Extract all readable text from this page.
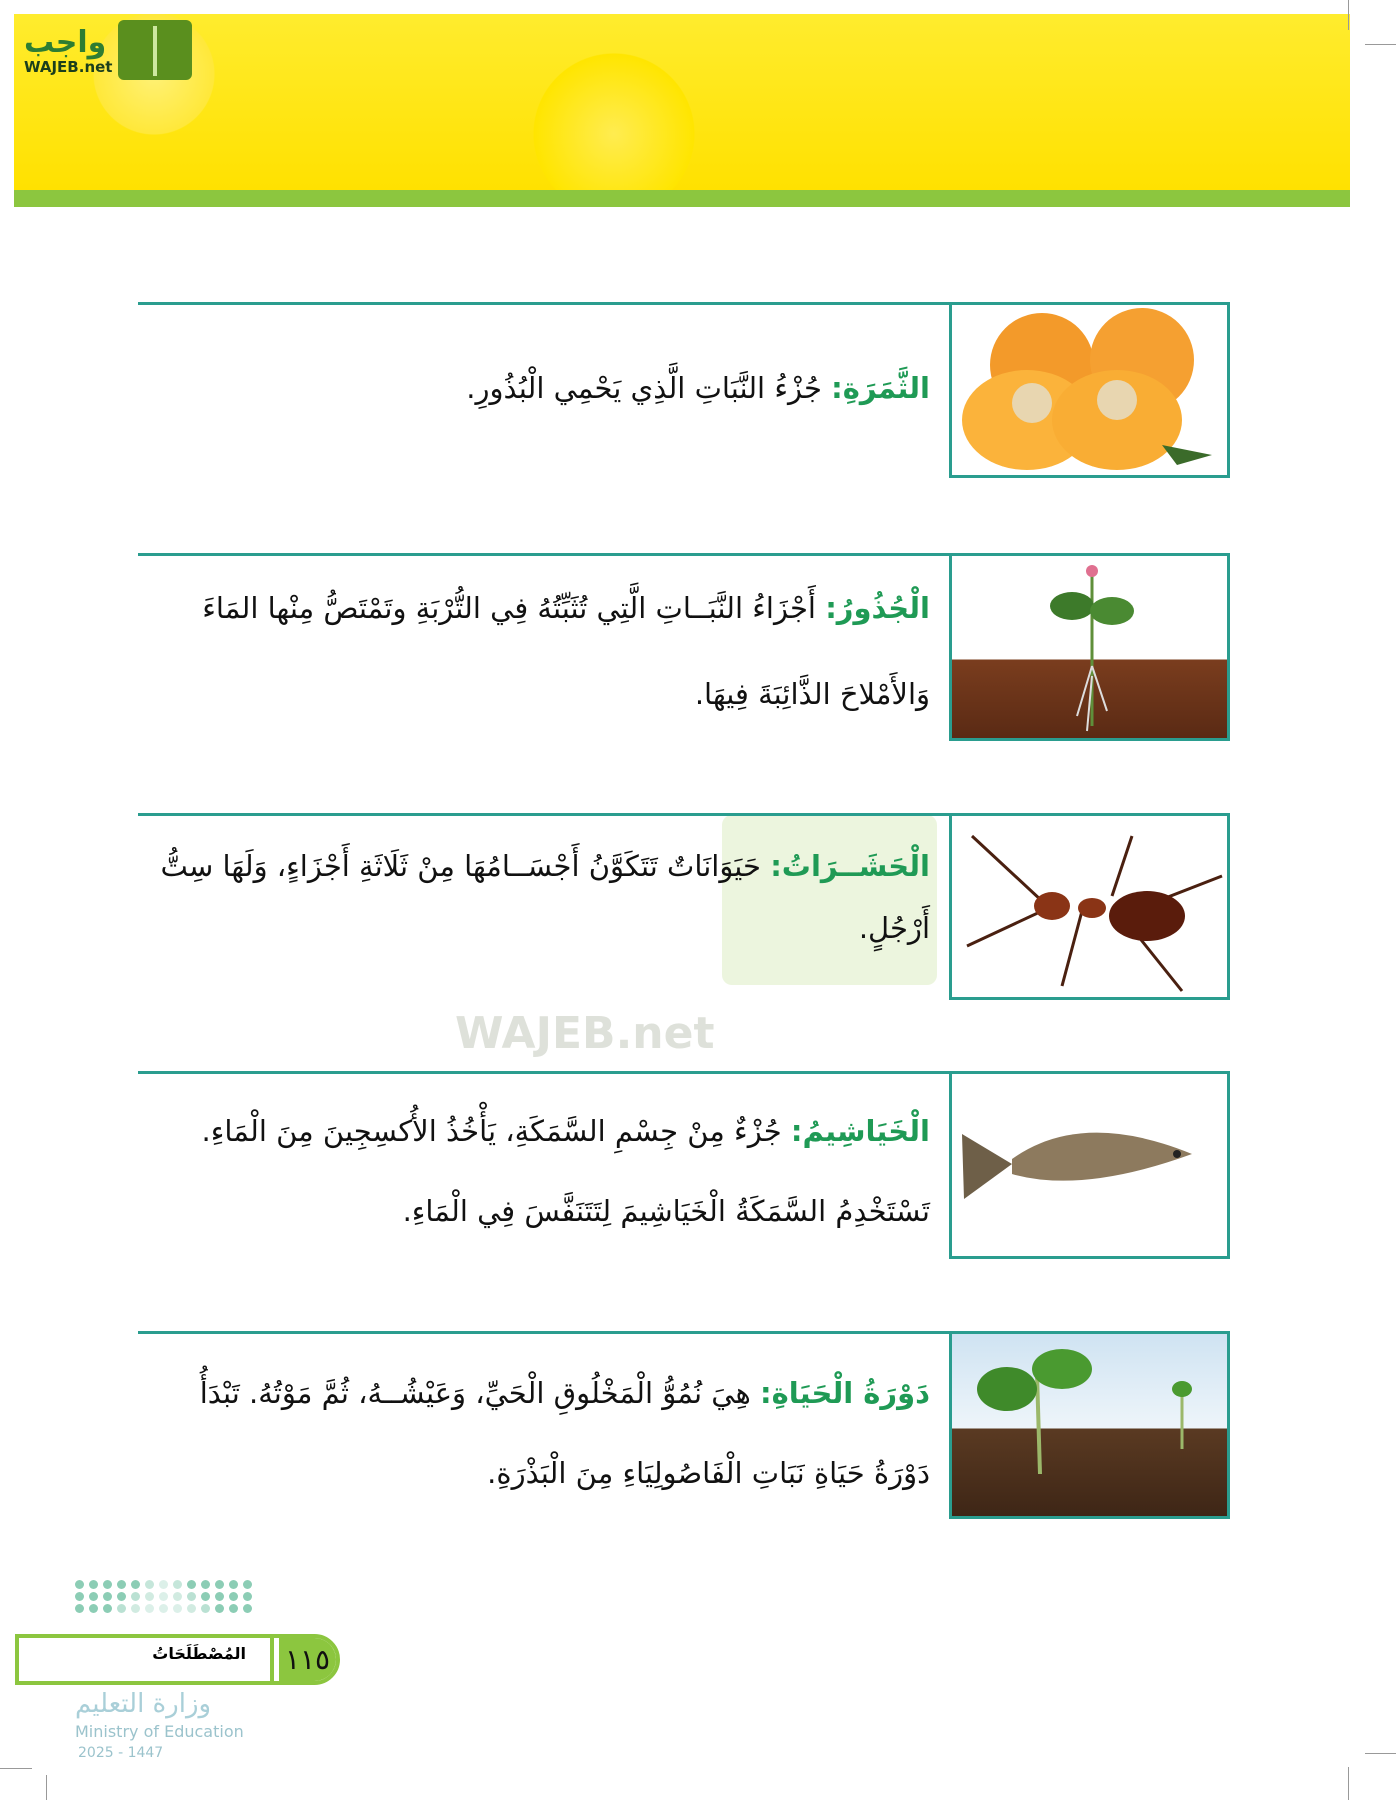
واجب
WAJEB.net
WAJEB.net
الثَّمَرَةِ: جُزْءُ النَّبَاتِ الَّذِي يَحْمِي الْبُذُورِ.
الْجُذُورُ: أَجْزَاءُ النَّبَــاتِ الَّتِي تُثَبِّتُهُ فِي التُّرْبَةِ وتَمْتَصُّ مِنْها المَاءَ وَالأَمْلاحَ الذَّائِبَةَ فِيهَا.
الْحَشَــرَاتُ: حَيَوَانَاتٌ تَتَكَوَّنُ أَجْسَــامُهَا مِنْ ثَلَاثَةِ أَجْزَاءٍ، وَلَهَا سِتُّ أَرْجُلٍ.
الْخَيَاشِيمُ: جُزْءٌ مِنْ جِسْمِ السَّمَكَةِ، يَأْخُذُ الأُكسِجِينَ مِنَ الْمَاءِ. تَسْتَخْدِمُ السَّمَكَةُ الْخَيَاشِيمَ لِتَتَنَفَّسَ فِي الْمَاءِ.
دَوْرَةُ الْحَيَاةِ: هِيَ نُمُوُّ الْمَخْلُوقِ الْحَيِّ، وَعَيْشُــهُ، ثُمَّ مَوْتُهُ. تَبْدَأُ دَوْرَةُ حَيَاةِ نَبَاتِ الْفَاصُولِيَاءِ مِنَ الْبَذْرَةِ.
المُصْطَلَحَاتُ	١١٥
وزارة التعليم
Ministry of Education
2025 - 1447
